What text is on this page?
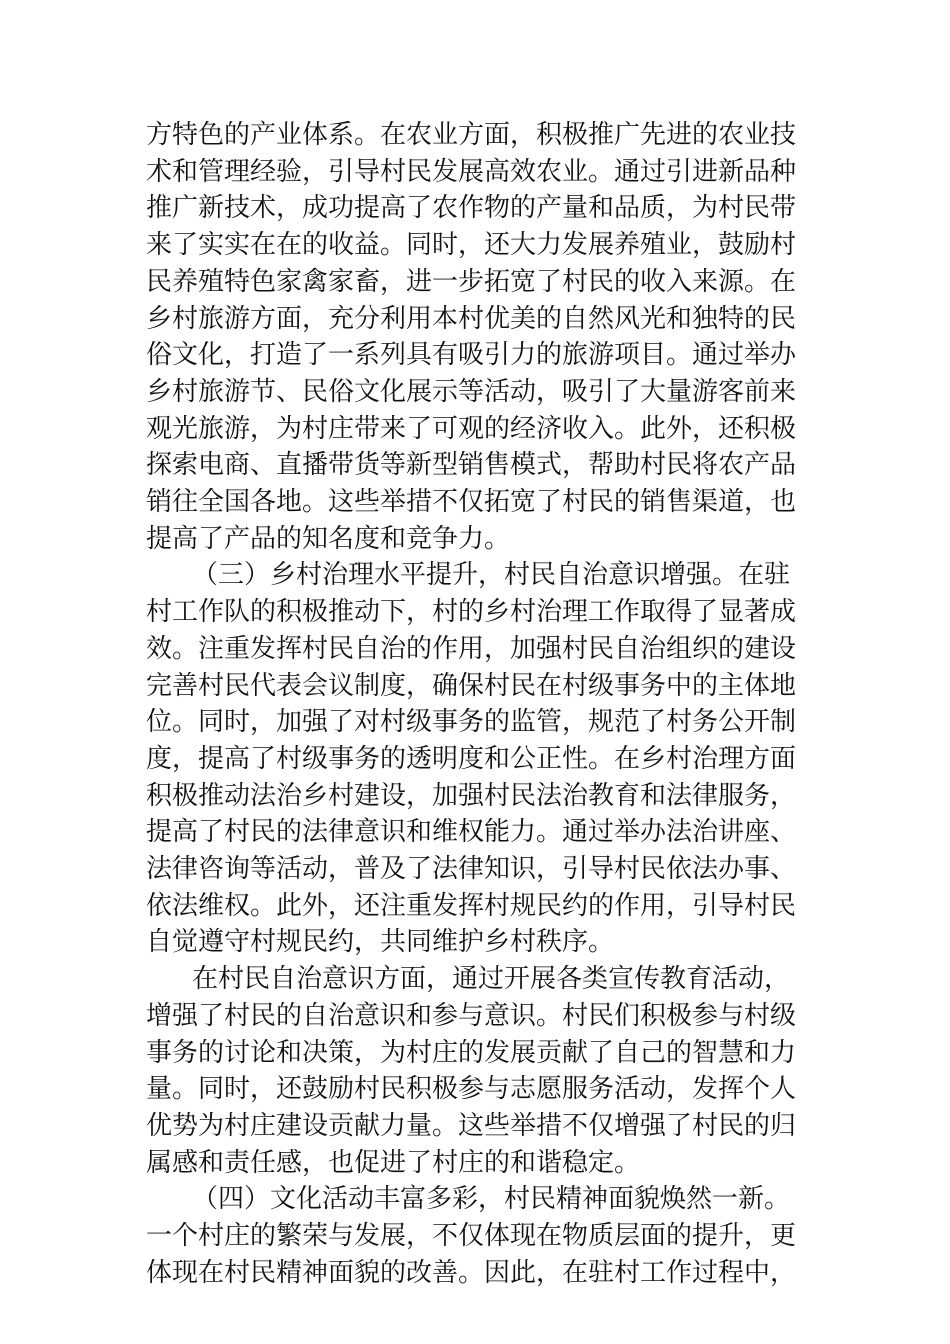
方特色的产业体系。在农业方面，积极推广先进的农业技
术和管理经验，引导村民发展高效农业。通过引进新品种
推广新技术，成功提高了农作物的产量和品质，为村民带
来了实实在在的收益。同时，还大力发展养殖业，鼓励村
民养殖特色家禽家畜，进一步拓宽了村民的收入来源。在
乡村旅游方面，充分利用本村优美的自然风光和独特的民
俗文化，打造了一系列具有吸引力的旅游项目。通过举办
乡村旅游节、民俗文化展示等活动，吸引了大量游客前来
观光旅游，为村庄带来了可观的经济收入。此外，还积极
探索电商、直播带货等新型销售模式，帮助村民将农产品
销往全国各地。这些举措不仅拓宽了村民的销售渠道，也
提高了产品的知名度和竞争力。
（三）乡村治理水平提升，村民自治意识增强。在驻
村工作队的积极推动下，村的乡村治理工作取得了显著成
效。注重发挥村民自治的作用，加强村民自治组织的建设
完善村民代表会议制度，确保村民在村级事务中的主体地
位。同时，加强了对村级事务的监管，规范了村务公开制
度，提高了村级事务的透明度和公正性。在乡村治理方面
积极推动法治乡村建设，加强村民法治教育和法律服务，
提高了村民的法律意识和维权能力。通过举办法治讲座、
法律咨询等活动，普及了法律知识，引导村民依法办事、
依法维权。此外，还注重发挥村规民约的作用，引导村民
自觉遵守村规民约，共同维护乡村秩序。
在村民自治意识方面，通过开展各类宣传教育活动，
增强了村民的自治意识和参与意识。村民们积极参与村级
事务的讨论和决策，为村庄的发展贡献了自己的智慧和力
量。同时，还鼓励村民积极参与志愿服务活动，发挥个人
优势为村庄建设贡献力量。这些举措不仅增强了村民的归
属感和责任感，也促进了村庄的和谐稳定。
（四）文化活动丰富多彩，村民精神面貌焕然一新。
一个村庄的繁荣与发展，不仅体现在物质层面的提升，更
体现在村民精神面貌的改善。因此，在驻村工作过程中，
